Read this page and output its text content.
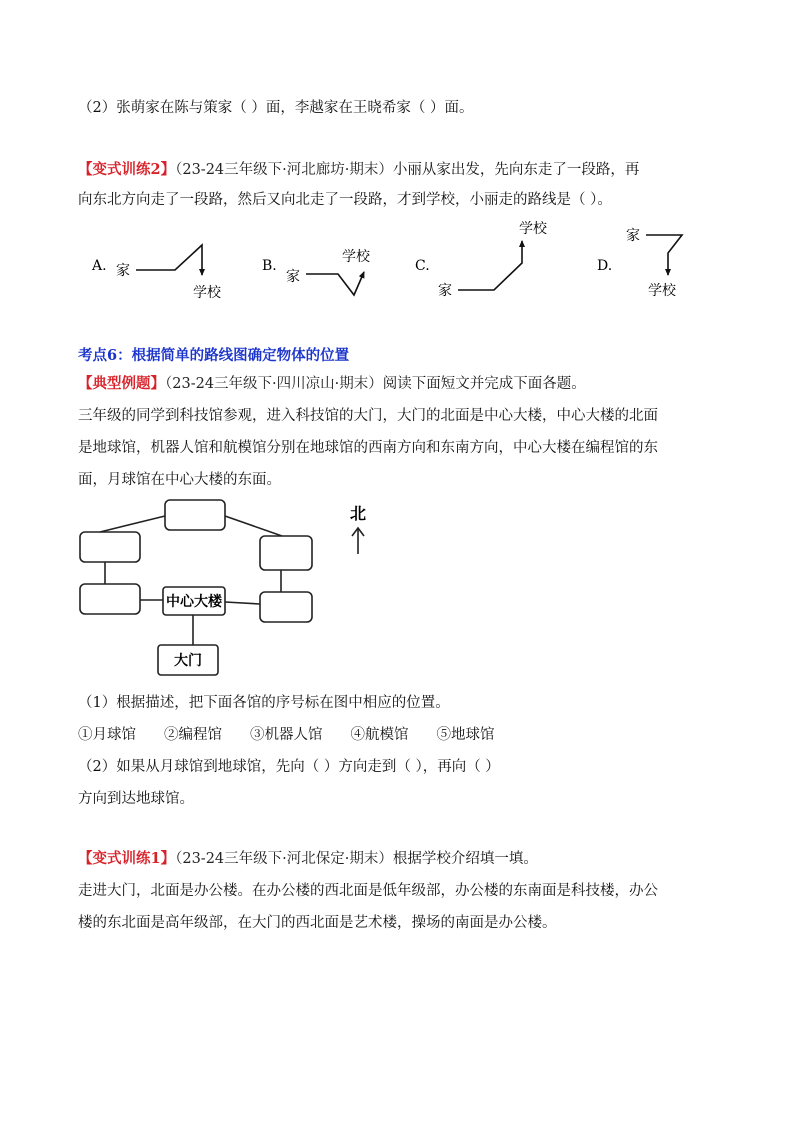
（2）张萌家在陈与策家（ ）面，李越家在王晓希家（ ）面。
【变式训练2】（23-24三年级下·河北廊坊·期末）小丽从家出发，先向东走了一段路，再
向东北方向走了一段路，然后又向北走了一段路，才到学校，小丽走的路线是（ ）。
A. 家
学校
B.
家
学校
C.
家
学校
D.
家
学校
考点6：根据简单的路线图确定物体的位置
【典型例题】（23-24三年级下·四川凉山·期末）阅读下面短文并完成下面各题。
三年级的同学到科技馆参观，进入科技馆的大门，大门的北面是中心大楼，中心大楼的北面
是地球馆，机器人馆和航模馆分别在地球馆的西南方向和东南方向，中心大楼在编程馆的东
面，月球馆在中心大楼的东面。
中心大楼
大门
北
（1）根据描述，把下面各馆的序号标在图中相应的位置。
①月球馆 ②编程馆 ③机器人馆 ④航模馆 ⑤地球馆
（2）如果从月球馆到地球馆，先向（ ）方向走到（ ），再向（ ）
方向到达地球馆。
【变式训练1】（23-24三年级下·河北保定·期末）根据学校介绍填一填。
走进大门，北面是办公楼。在办公楼的西北面是低年级部，办公楼的东南面是科技楼，办公
楼的东北面是高年级部，在大门的西北面是艺术楼，操场的南面是办公楼。
